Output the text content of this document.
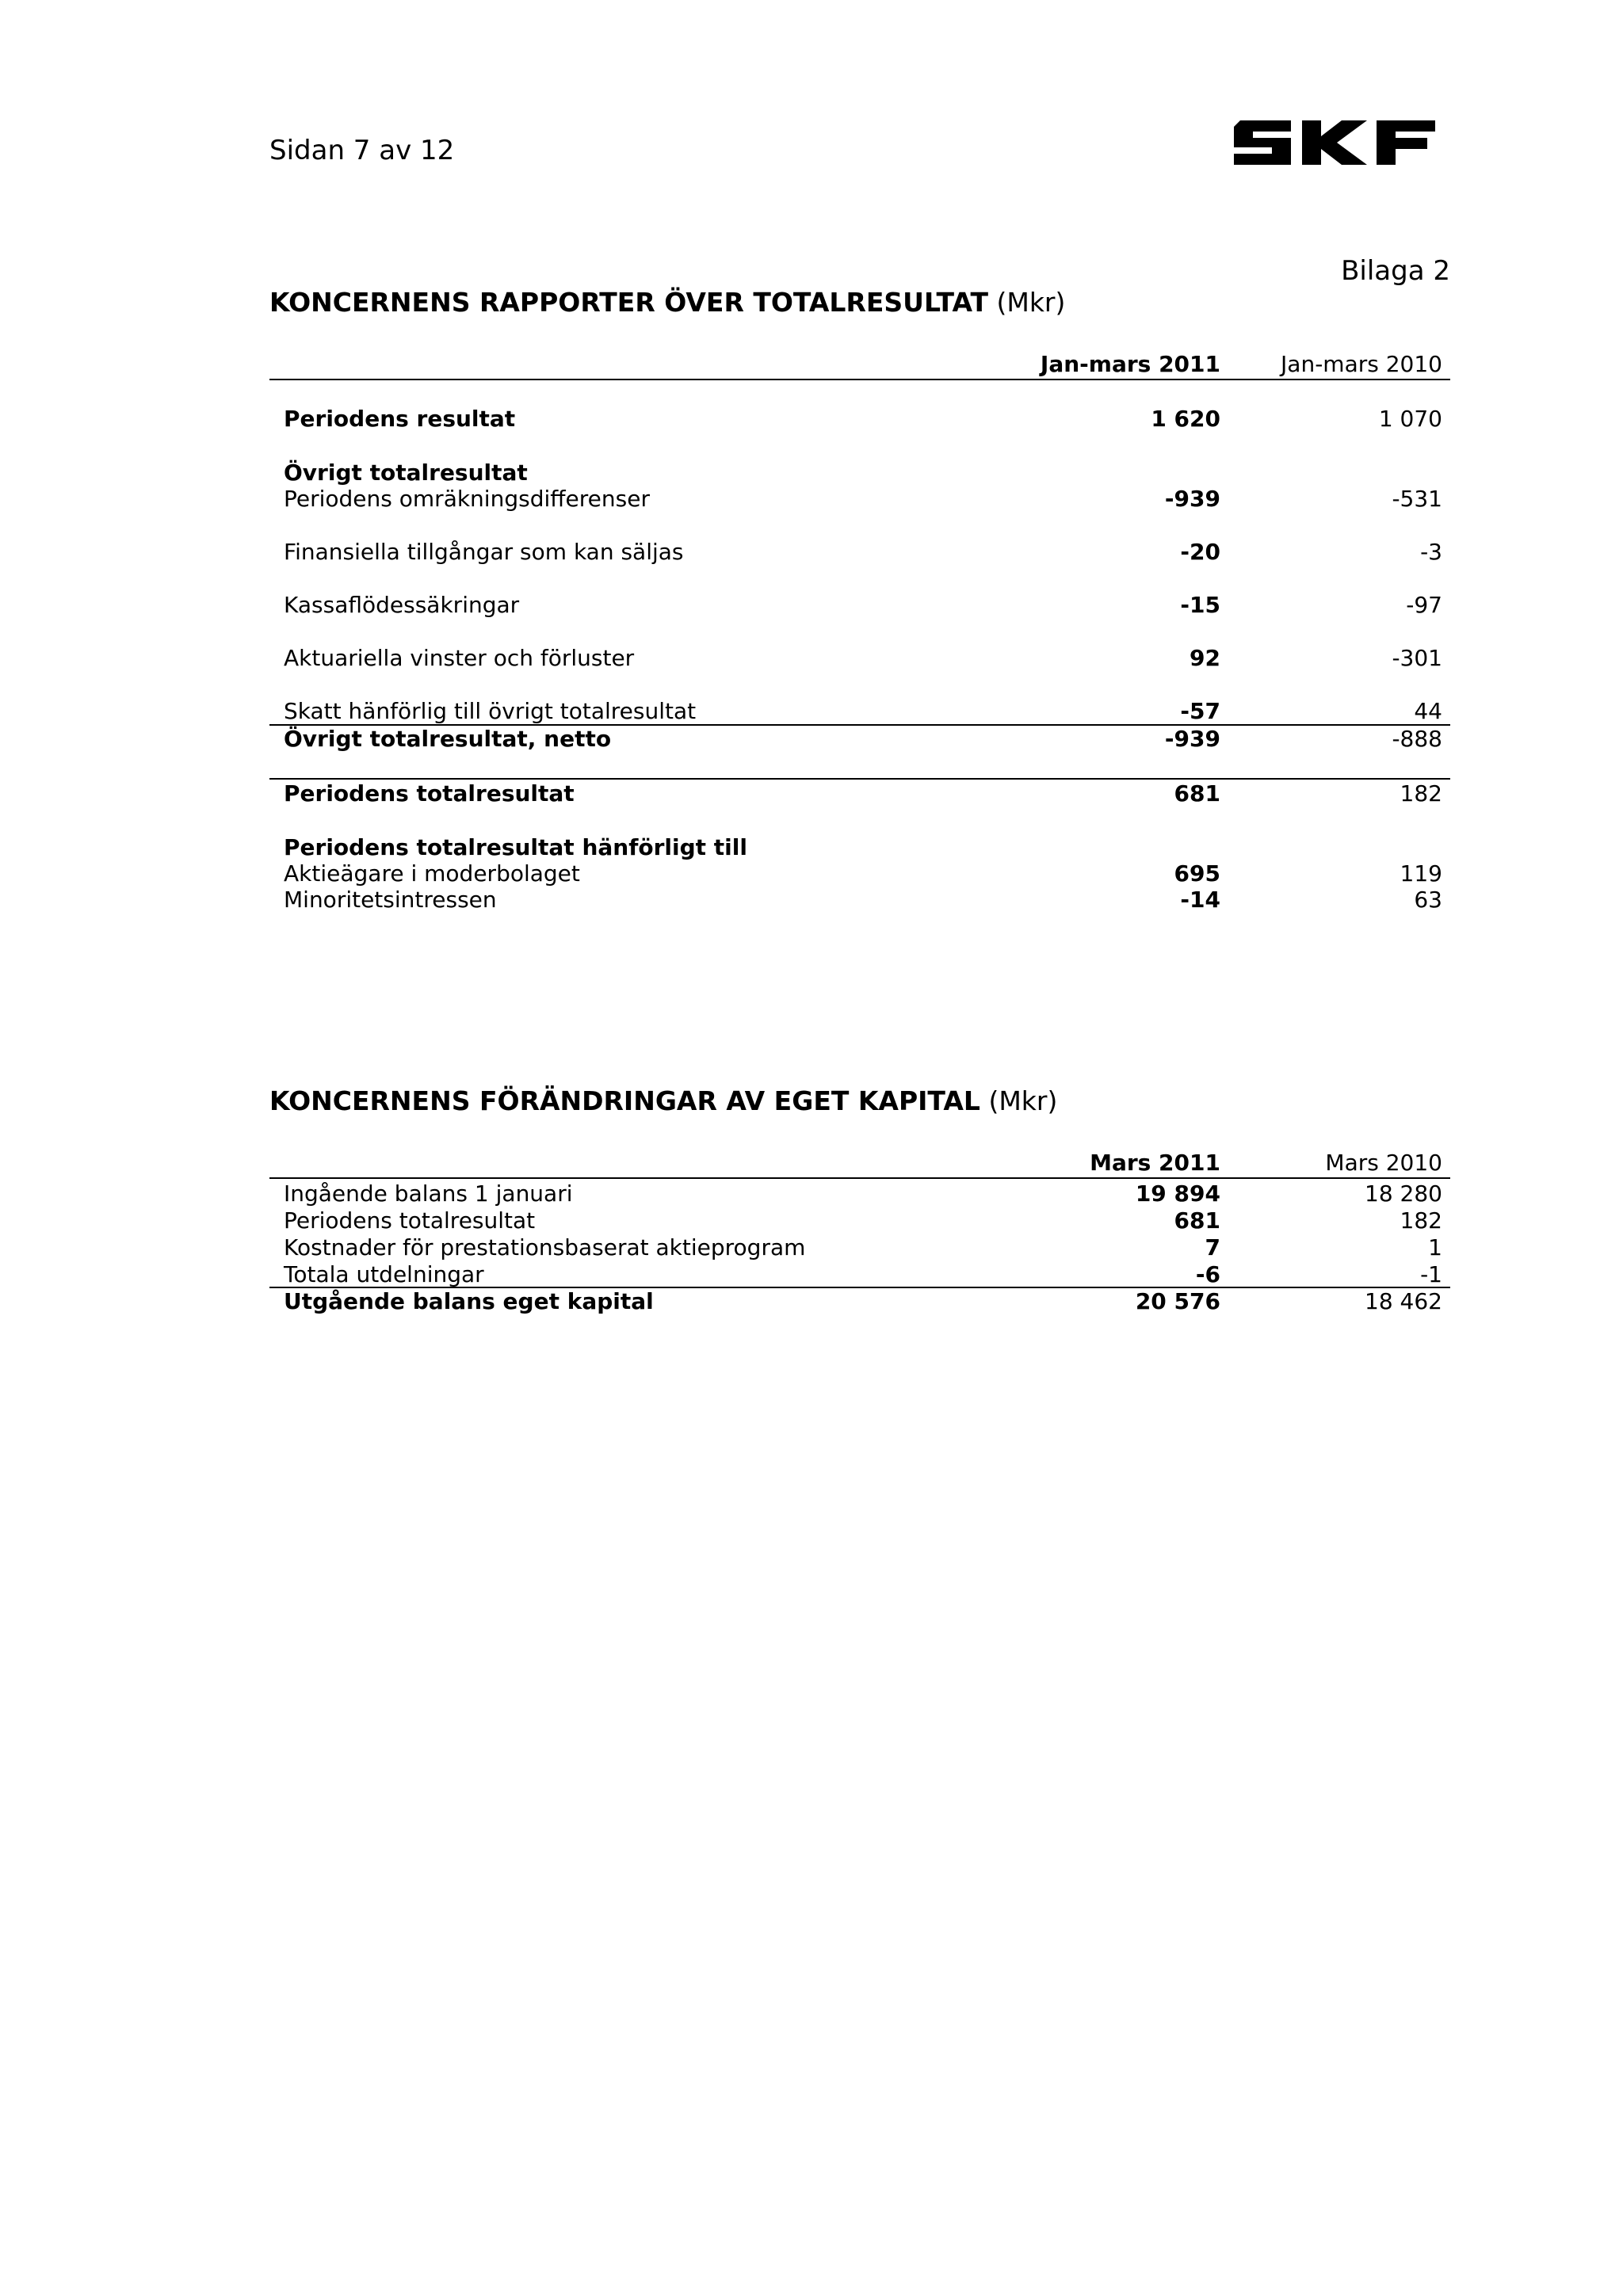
Sidan 7 av 12
Bilaga 2
KONCERNENS RAPPORTER ÖVER TOTALRESULTAT (Mkr)
Jan-mars 2011	Jan-mars 2010
Periodens resultat	1 620	1 070
Övrigt totalresultat
Periodens omräkningsdifferenser	-939	-531
Finansiella tillgångar som kan säljas	-20	-3
Kassaflödessäkringar	-15	-97
Aktuariella vinster och förluster	92	-301
Skatt hänförlig till övrigt totalresultat	-57	44
Övrigt totalresultat, netto	-939	-888
Periodens totalresultat	681	182
Periodens totalresultat hänförligt till
Aktieägare i moderbolaget	695	119
Minoritetsintressen	-14	63
KONCERNENS FÖRÄNDRINGAR AV EGET KAPITAL (Mkr)
Mars 2011	Mars 2010
Ingående balans 1 januari	19 894	18 280
Periodens totalresultat	681	182
Kostnader för prestationsbaserat aktieprogram	7	1
Totala utdelningar	-6	-1
Utgående balans eget kapital	20 576	18 462
